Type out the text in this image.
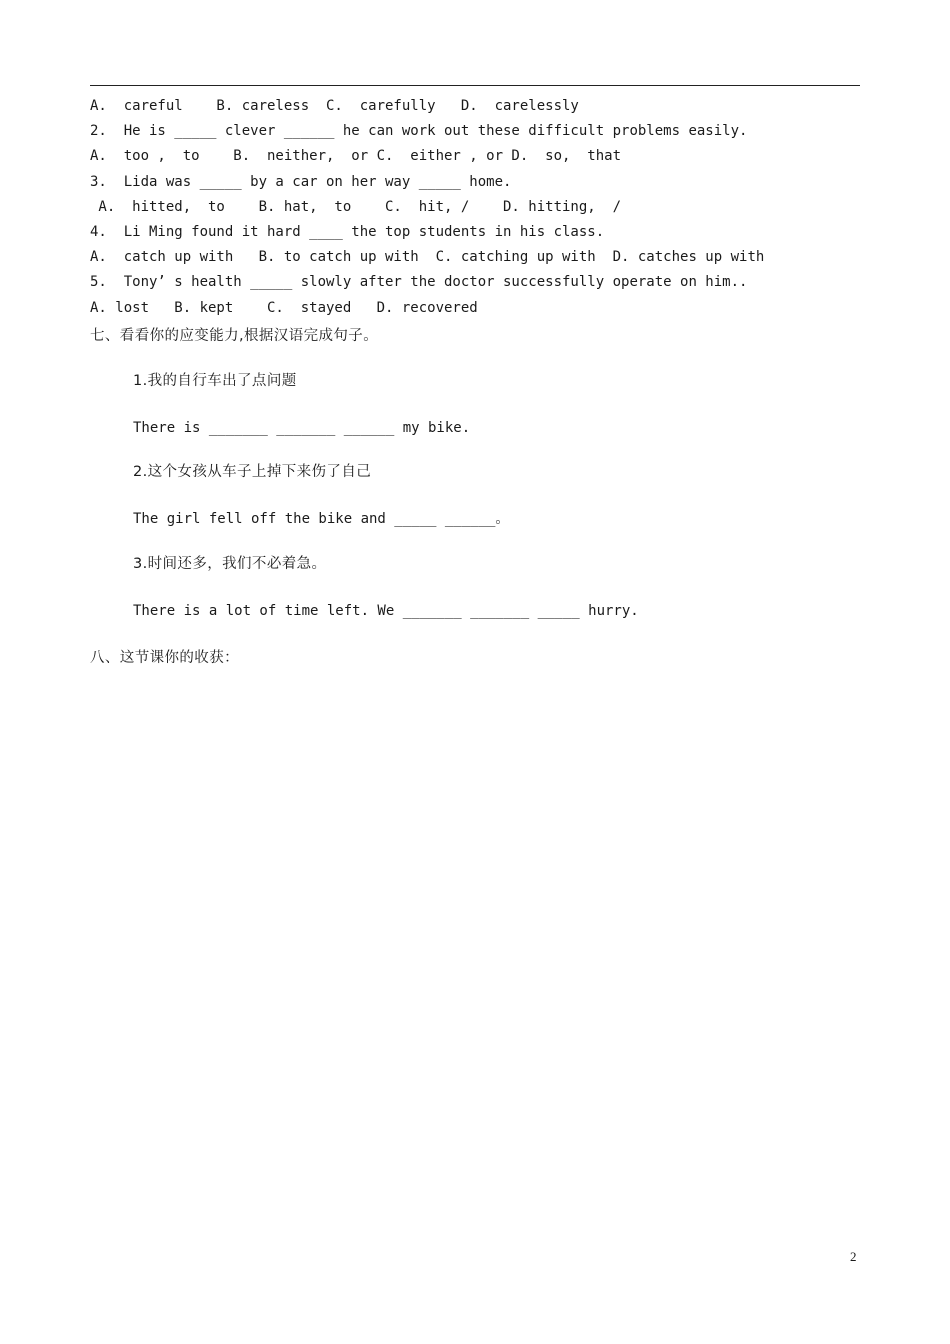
A.  careful    B. careless  C.  carefully   D.  carelessly
2.  He is _____ clever ______ he can work out these difficult problems easily.
A.  too ,  to    B.  neither,  or C.  either , or D.  so,  that
3.  Lida was _____ by a car on her way _____ home.
A.  hitted,  to    B. hat,  to    C.  hit, /    D. hitting,  /
4.  Li Ming found it hard ____ the top students in his class.
A.  catch up with   B. to catch up with  C. catching up with  D. catches up with
5.  Tony’ s health _____ slowly after the doctor successfully operate on him..
A. lost   B. kept    C.  stayed   D. recovered
七、看看你的应变能力,根据汉语完成句子。
1.我的自行车出了点问题
There is _______ _______ ______ my bike.
2.这个女孩从车子上掉下来伤了自己
The girl fell off the bike and _____ ______。
3.时间还多，我们不必着急。
There is a lot of time left. We _______ _______ _____ hurry.
八、这节课你的收获：
2
